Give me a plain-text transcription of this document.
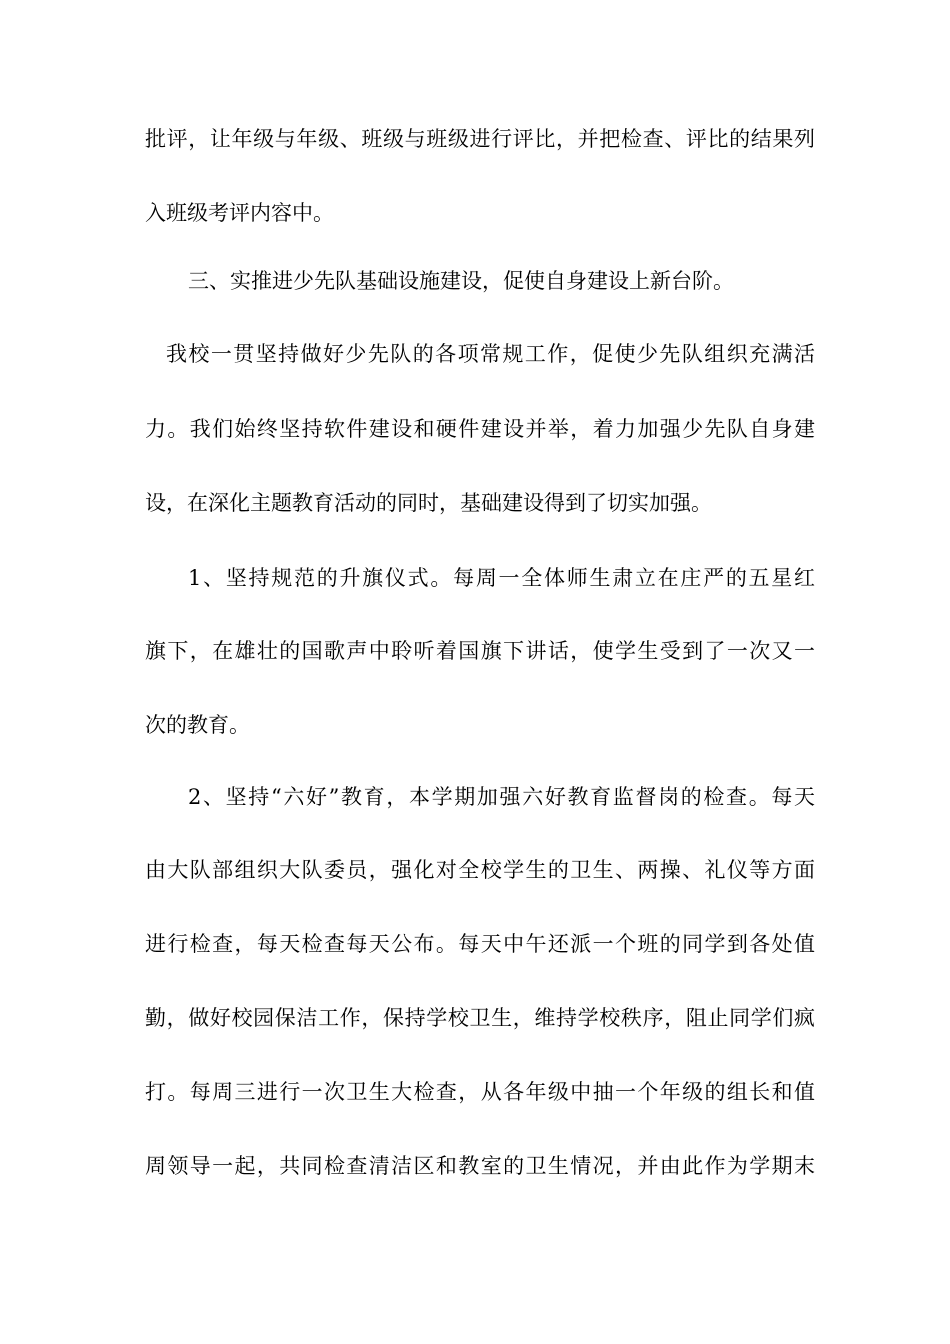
批评，让年级与年级、班级与班级进行评比，并把检查、评比的结果列
入班级考评内容中。
三、实推进少先队基础设施建设，促使自身建设上新台阶。
我校一贯坚持做好少先队的各项常规工作，促使少先队组织充满活
力。我们始终坚持软件建设和硬件建设并举，着力加强少先队自身建
设，在深化主题教育活动的同时，基础建设得到了切实加强。
1、坚持规范的升旗仪式。每周一全体师生肃立在庄严的五星红
旗下，在雄壮的国歌声中聆听着国旗下讲话，使学生受到了一次又一
次的教育。
2、坚持“六好”教育，本学期加强六好教育监督岗的检查。每天
由大队部组织大队委员，强化对全校学生的卫生、两操、礼仪等方面
进行检查，每天检查每天公布。每天中午还派一个班的同学到各处值
勤，做好校园保洁工作，保持学校卫生，维持学校秩序，阻止同学们疯
打。每周三进行一次卫生大检查，从各年级中抽一个年级的组长和值
周领导一起，共同检查清洁区和教室的卫生情况，并由此作为学期末
